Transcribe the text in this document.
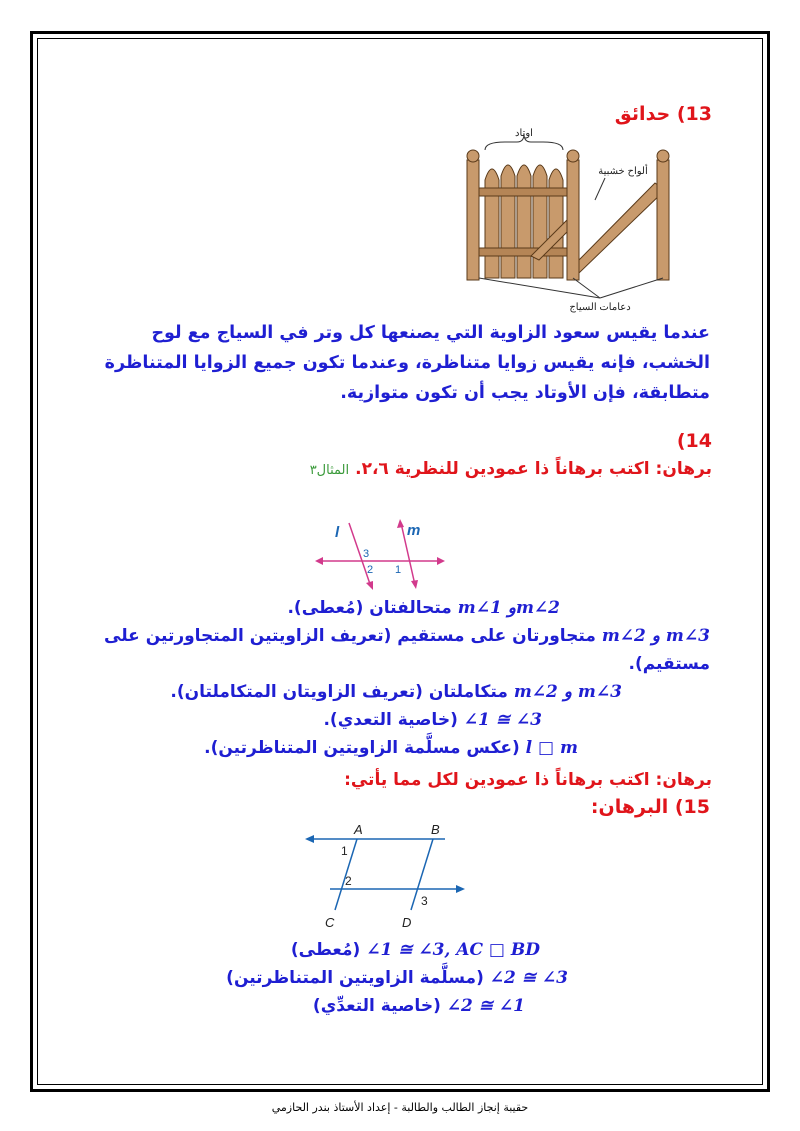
13) حدائق
أوتاد
ألواح خشبية
دعامات السياج
عندما يقيس سعود الزاوية التي يصنعها كل وتر في السياج مع لوح الخشب، فإنه يقيس زوايا متناظرة، وعندما تكون جميع الزوايا المتناظرة متطابقة، فإن الأوتاد يجب أن تكون متوازية.
(14
برهان: اكتب برهاناً ذا عمودين للنظرية ٢،٦.المثال٣
l	m
3
2 1
m∠1 وm∠2 متحالفتان (مُعطى).
m∠2 و m∠3 متجاورتان على مستقيم (تعريف الزاويتين المتجاورتين على
مستقيم).
m∠2 و m∠3 متكاملتان (تعريف الزاويتان المتكاملتان).
∠1 ≅ ∠3 (خاصية التعدي).
l □ m (عكس مسلَّمة الزاويتين المتناظرتين).
برهان: اكتب برهاناً ذا عمودين لكل مما يأتي:
15) البرهان:
A	B
C	D
1
2
3
∠1 ≅ ∠3, AC □ BD (مُعطى)
∠2 ≅ ∠3 (مسلَّمة الزاويتين المتناظرتين)
∠2 ≅ ∠1 (خاصية التعدِّي)
حقيبة إنجاز الطالب والطالبة - إعداد الأستاذ بندر الحازمي
